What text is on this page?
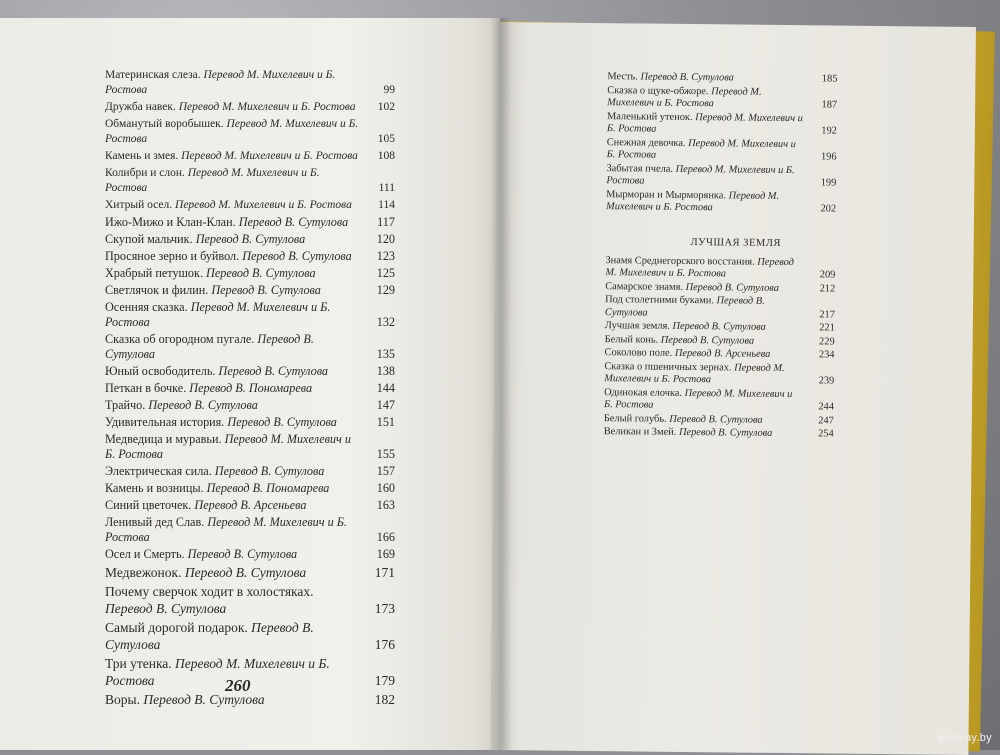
Материнская слеза. Перевод М. Михелевич и Б. Ростова	99
Дружба навек. Перевод М. Михелевич и Б. Ростова	102
Обманутый воробышек. Перевод М. Михелевич и Б. Ростова	105
Камень и змея. Перевод М. Михелевич и Б. Ростова	108
Колибри и слон. Перевод М. Михелевич и Б. Ростова	111
Хитрый осел. Перевод М. Михелевич и Б. Ростова	114
Ижо-Мижо и Клан-Клан. Перевод В. Сутулова	117
Скупой мальчик. Перевод В. Сутулова	120
Просяное зерно и буйвол. Перевод В. Сутулова	123
Храбрый петушок. Перевод В. Сутулова	125
Светлячок и филин. Перевод В. Сутулова	129
Осенняя сказка. Перевод М. Михелевич и Б. Ростова	132
Сказка об огородном пугале. Перевод В. Сутулова	135
Юный освободитель. Перевод В. Сутулова	138
Петкан в бочке. Перевод В. Пономарева	144
Трайчо. Перевод В. Сутулова	147
Удивительная история. Перевод В. Сутулова	151
Медведица и муравьи. Перевод М. Михелевич и Б. Ростова	155
Электрическая сила. Перевод В. Сутулова	157
Камень и возницы. Перевод В. Пономарева	160
Синий цветочек. Перевод В. Арсеньева	163
Ленивый дед Слав. Перевод М. Михелевич и Б. Ростова	166
Осел и Смерть. Перевод В. Сутулова	169
Медвежонок. Перевод В. Сутулова	171
Почему сверчок ходит в холостяках. Перевод В. Сутулова	173
Самый дорогой подарок. Перевод В. Сутулова	176
Три утенка. Перевод М. Михелевич и Б. Ростова	179
Воры. Перевод В. Сутулова	182
260
Месть. Перевод В. Сутулова	185
Сказка о щуке-обжоре. Перевод М. Михелевич и Б. Ростова	187
Маленький утенок. Перевод М. Михелевич и Б. Ростова	192
Снежная девочка. Перевод М. Михелевич и Б. Ростова	196
Забытая пчела. Перевод М. Михелевич и Б. Ростова	199
Мырморан и Мырморянка. Перевод М. Михелевич и Б. Ростова	202
ЛУЧШАЯ ЗЕМЛЯ
Знамя Среднегорского восстания. Перевод М. Михелевич и Б. Ростова	209
Самарское знамя. Перевод В. Сутулова	212
Под столетними буками. Перевод В. Сутулова	217
Лучшая земля. Перевод В. Сутулова	221
Белый конь. Перевод В. Сутулова	229
Соколово поле. Перевод В. Арсеньева	234
Сказка о пшеничных зернах. Перевод М. Михелевич и Б. Ростова	239
Одинокая елочка. Перевод М. Михелевич и Б. Ростова	244
Белый голубь. Перевод В. Сутулова	247
Великан и Змей. Перевод В. Сутулова	254
www.ay.by
